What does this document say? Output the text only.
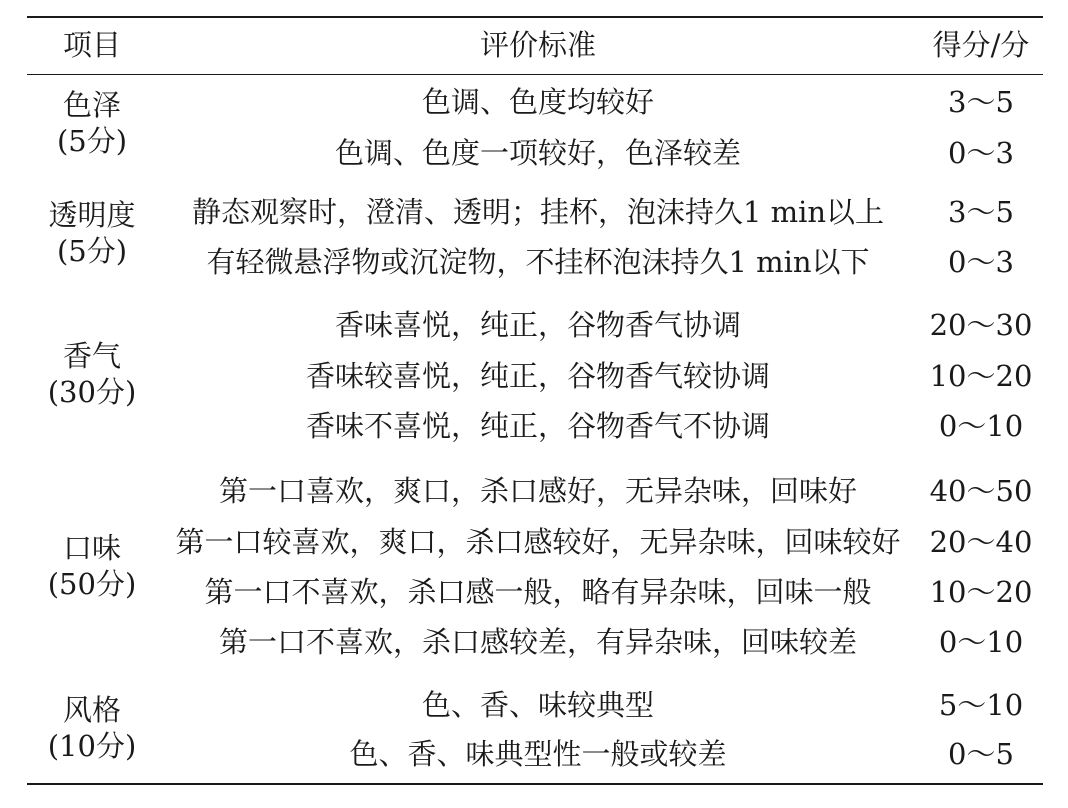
项目	评价标准	得分/分
色泽
(5分)
色调、色度均较好	3～5
色调、色度一项较好，色泽较差	0～3
透明度
(5分)
静态观察时，澄清、透明；挂杯，泡沫持久1 min以上 3～5
有轻微悬浮物或沉淀物，不挂杯泡沫持久1 min以下	0～3
香气
(30分)
香味喜悦，纯正，谷物香气协调	20～30
香味较喜悦，纯正，谷物香气较协调	10～20
香味不喜悦，纯正，谷物香气不协调	0～10
口味
(50分)
第一口喜欢，爽口，杀口感好，无异杂味，回味好	40～50
第一口较喜欢，爽口，杀口感较好，无异杂味，回味较好 20～40
第一口不喜欢，杀口感一般，略有异杂味，回味一般 10～20
第一口不喜欢，杀口感较差，有异杂味，回味较差	0～10
风格
(10分)
色、香、味较典型	5～10
色、香、味典型性一般或较差	0～5
